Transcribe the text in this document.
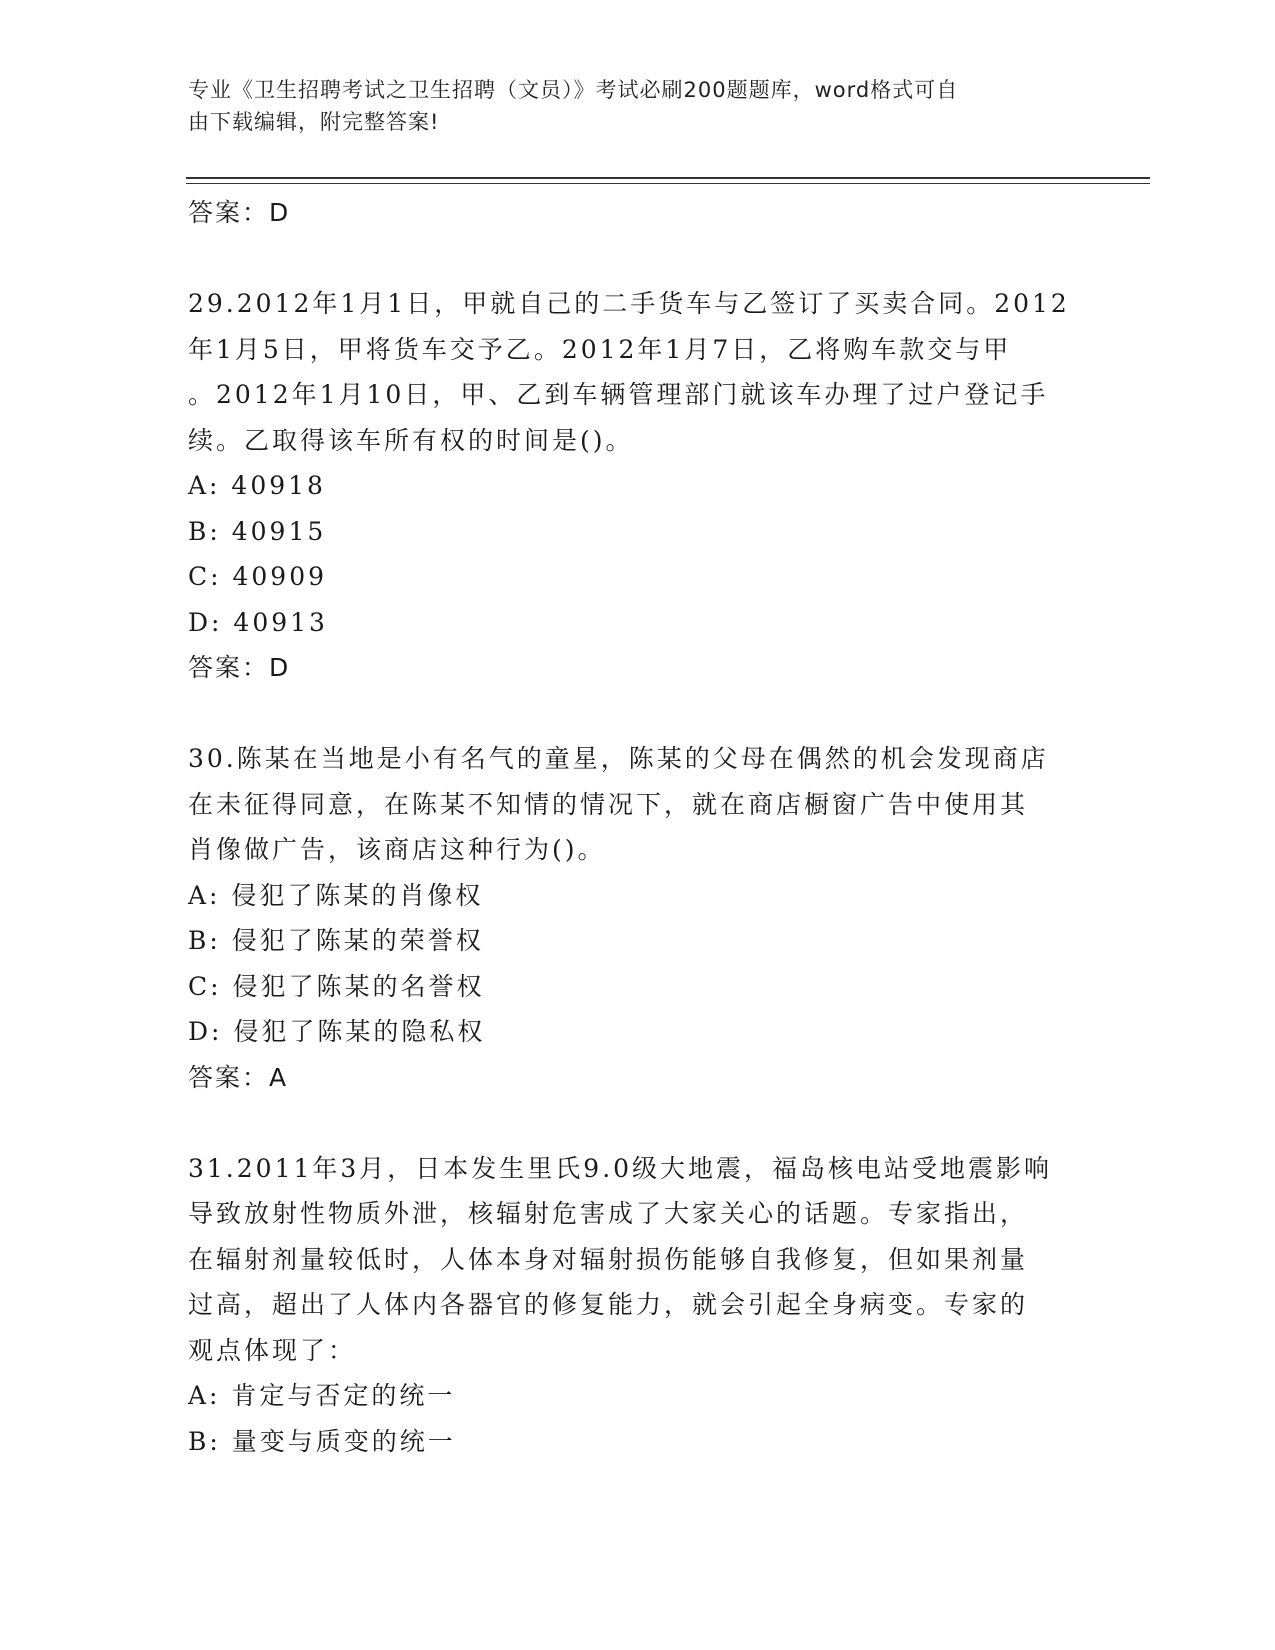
专业《卫生招聘考试之卫生招聘（文员）》考试必刷200题题库，word格式可自
由下载编辑，附完整答案!
答案：D
29.2012年1月1日，甲就自己的二手货车与乙签订了买卖合同。2012
年1月5日，甲将货车交予乙。2012年1月7日，乙将购车款交与甲
。2012年1月10日，甲、乙到车辆管理部门就该车办理了过户登记手
续。乙取得该车所有权的时间是()。
A: 40918
B: 40915
C: 40909
D: 40913
答案：D
30.陈某在当地是小有名气的童星，陈某的父母在偶然的机会发现商店
在未征得同意，在陈某不知情的情况下，就在商店橱窗广告中使用其
肖像做广告，该商店这种行为()。
A: 侵犯了陈某的肖像权
B: 侵犯了陈某的荣誉权
C: 侵犯了陈某的名誉权
D: 侵犯了陈某的隐私权
答案：A
31.2011年3月，日本发生里氏9.0级大地震，福岛核电站受地震影响
导致放射性物质外泄，核辐射危害成了大家关心的话题。专家指出，
在辐射剂量较低时，人体本身对辐射损伤能够自我修复，但如果剂量
过高，超出了人体内各器官的修复能力，就会引起全身病变。专家的
观点体现了：
A: 肯定与否定的统一
B: 量变与质变的统一
